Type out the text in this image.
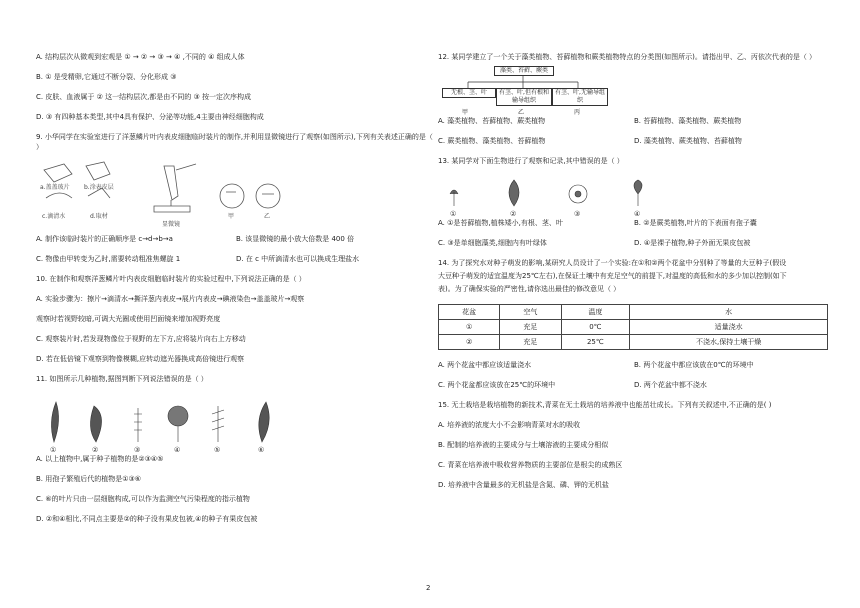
A. 结构层次从微观到宏观是 ① → ② → ③ → ④ ,不同的 ④ 组成人体
B. ① 是受精卵,它通过不断分裂、分化形成 ③
C. 皮肤、血液属于 ② 这一结构层次,都是由不同的 ③ 按一定次序构成
D. ③ 有四种基本类型,其中4具有保护、分泌等功能,4主要由神经细胞构成
9. 小华同学在实验室进行了洋葱鳞片叶内表皮细胞临时装片的制作,并利用显微镜进行了观察(如图所示),下列有关表述正确的是（ ）
a.盖盖玻片 b.涂表皮层
c.滴清水	d.取材
显微镜
甲	乙
A. 制作该临时装片的正确顺序是 c→d→b→a	B. 该显微镜的最小放大倍数是 400 倍
C. 物像由甲转变为乙时,需要转动粗准焦螺旋 1	D. 在 c 中所滴清水也可以换成生理盐水
10. 在制作和观察洋葱鳞片叶内表皮细胞临时装片的实验过程中,下列说法正确的是（ ）
A. 实验步骤为：擦片→滴清水→撕洋葱内表皮→展片内表皮→碘液染色→盖盖玻片→观察
观察时若视野较暗,可调大光圈或使用凹面镜来增加视野亮度
C. 观察装片时,若发现物像位于视野的左下方,应将装片向右上方移动
D. 若在低倍镜下观察到物像模糊,应转动遮光器换成高倍镜进行观察
11. 如图所示几种植物,据图判断下列说法错误的是（ ）
①	②	③	④	⑤	⑥
A. 以上植物中,属于种子植物的是②③④⑤
B. 用孢子繁殖后代的植物是①③⑥
C. ⑥的叶片只由一层细胞构成,可以作为监测空气污染程度的指示植物
D. ②和④相比,不同点主要是②的种子没有果皮包被,④的种子有果皮包被
12. 某同学建立了一个关于藻类植物、苔藓植物和蕨类植物特点的分类图(如图所示)。请指出甲、乙、丙依次代表的是（ ）
藻类、苔藓、蕨类
无根、茎、叶	有茎、叶,但有根和输导组织
有茎、叶,无输导组织
甲	乙	丙
A. 藻类植物、苔藓植物、蕨类植物	B. 苔藓植物、藻类植物、蕨类植物
C. 蕨类植物、藻类植物、苔藓植物	D. 藻类植物、蕨类植物、苔藓植物
13. 某同学对下面生物进行了观察和记录,其中错误的是（ ）
①	②	③	④
A. ①是苔藓植物,植株矮小,有根、茎、叶	B. ②是蕨类植物,叶片的下表面有孢子囊
C. ③是单细胞藻类,细胞内有叶绿体	D. ④是裸子植物,种子外面无果皮包被
14. 为了探究水对种子萌发的影响,某研究人员设计了一个实验:在①和②两个花盆中分别种了等量的大豆种子(假设
大豆种子萌发的适宜温度为25℃左右),在保证土壤中有充足空气的前提下,对温度的高低和水的多少加以控制(如下
表)。为了确保实验的严密性,请你选出最佳的修改意见（ ）
花盆	空气	温度	水
①	充足	0℃	适量浇水
②	充足	25℃	不浇水,保持土壤干燥
A. 两个花盆中都应该适量浇水	B. 两个花盆中都应该放在0℃的环境中
C. 两个花盆都应该放在25℃的环境中	D. 两个花盆中都不浇水
15. 无土栽培是栽培植物的新技术,青菜在无土栽培的培养液中也能茁壮成长。下列有关叙述中,不正确的是( )
A. 培养液的浓度大小不会影响青菜对水的吸收
B. 配制的培养液的主要成分与土壤溶液的主要成分相似
C. 青菜在培养液中吸收营养物质的主要部位是根尖的成熟区
D. 培养液中含量最多的无机盐是含氮、磷、钾的无机盐
2
